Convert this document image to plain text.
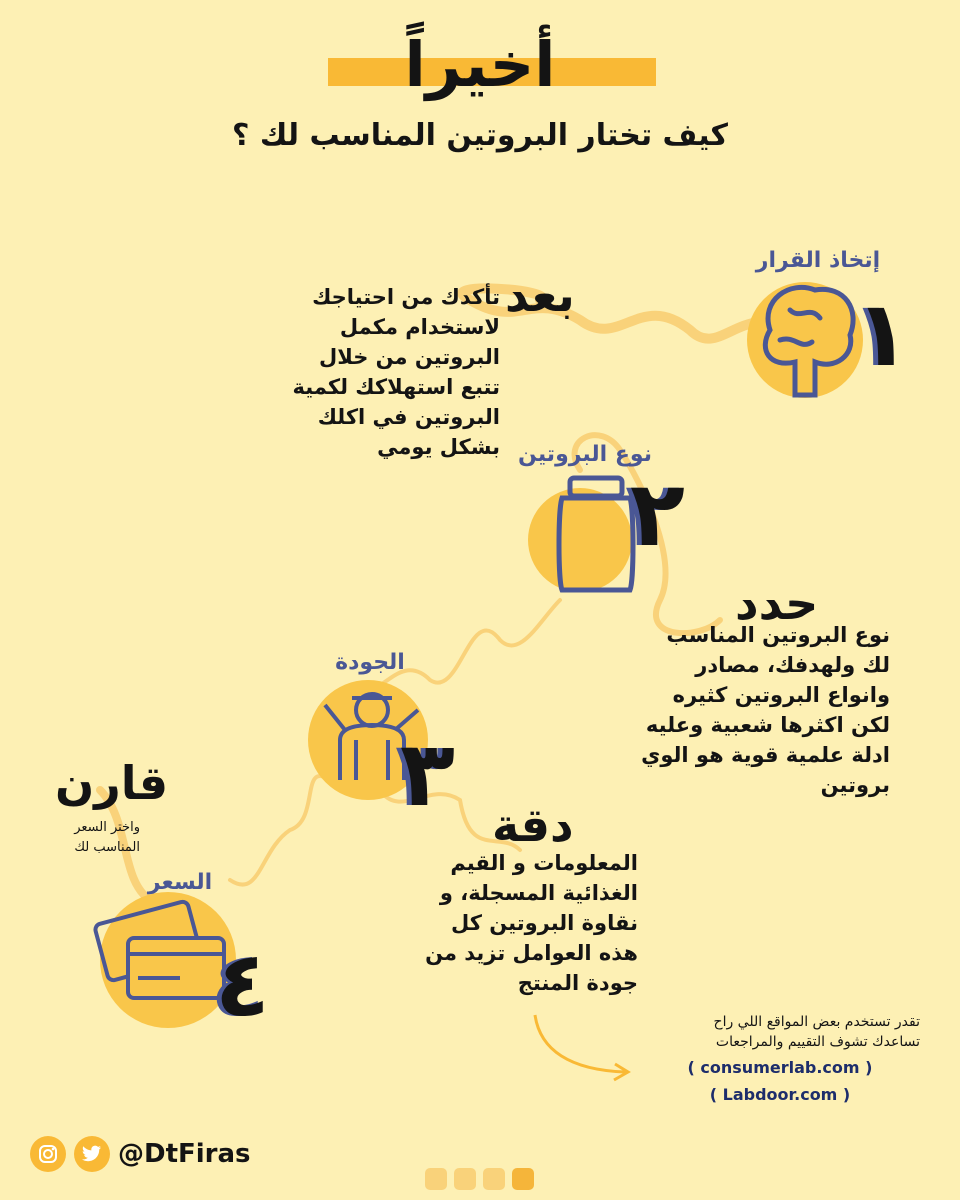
أخيراً
كيف تختار البروتين المناسب لك ؟
إتخاذ القرار
١
بعد
تأكدك من احتياجك لاستخدام مكمل البروتين من خلال تتبع استهلاكك لكمية البروتين في اكلك بشكل يومي نوع البروتين
٢
حدد
نوع البروتين المناسب لك ولهدفك، مصادر وانواع البروتين كثيره لكن اكثرها شعبية وعليه ادلة علمية قوية هو الوي بروتين
الجودة
٣ دقة
المعلومات و القيم الغذائية المسجلة، و نقاوة البروتين كل هذه العوامل تزيد من جودة المنتج
السعر
٤
قارن
واختر السعر المناسب لك
تقدر تستخدم بعض المواقع اللي راح
تساعدك تشوف التقييم والمراجعات
( consumerlab.com )
( Labdoor.com )
@DtFiras
